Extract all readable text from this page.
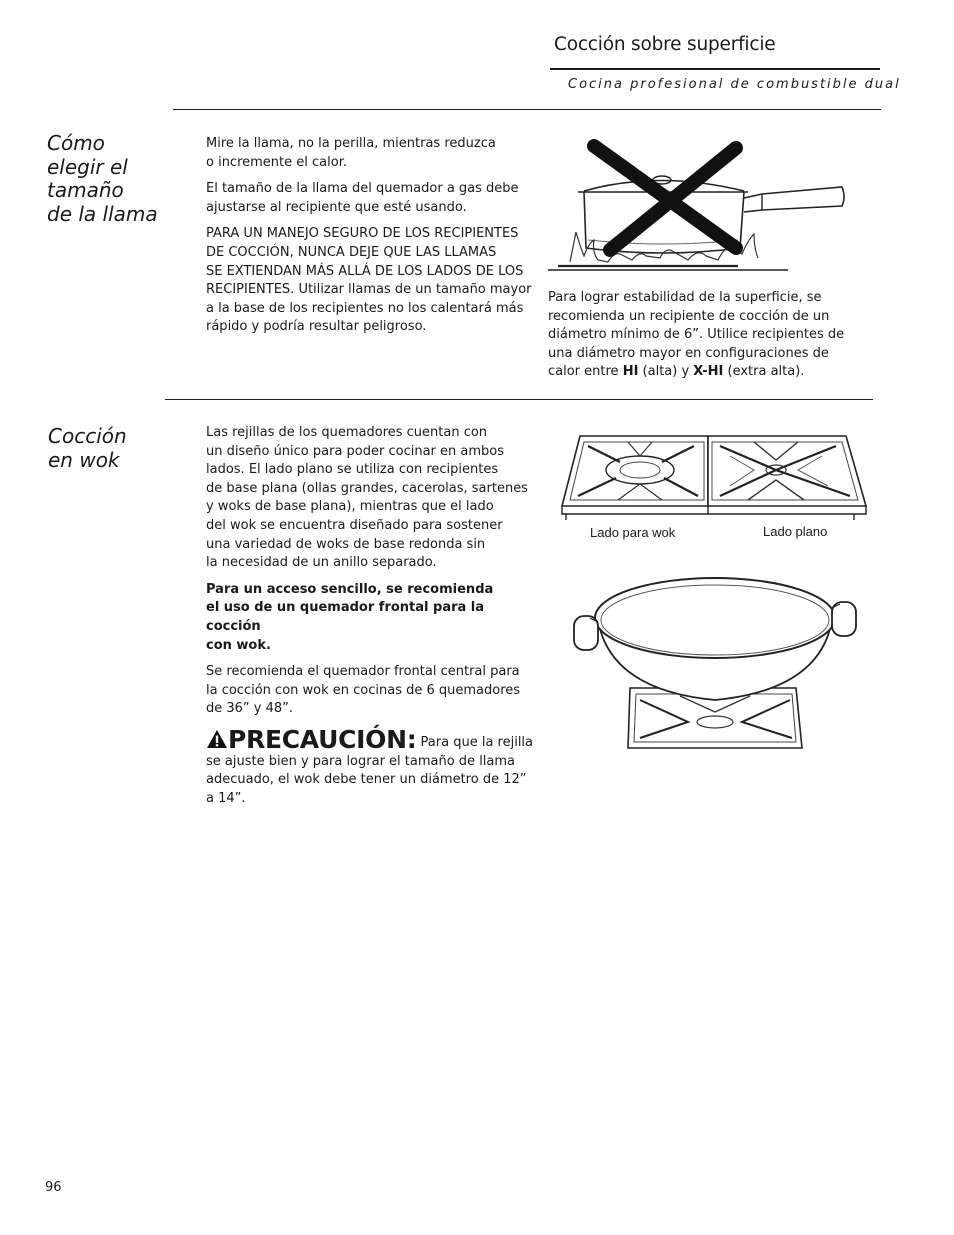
Cocción sobre superficie
Cocina profesional de combustible dual
Cómo
elegir el
tamaño
de la llama

Mire la llama, no la perilla, mientras reduzca
o incremente el calor.

El tamaño de la llama del quemador a gas debe
ajustarse al recipiente que esté usando.

PARA UN MANEJO SEGURO DE LOS RECIPIENTES
DE COCCIÓN, NUNCA DEJE QUE LAS LLAMAS
SE EXTIENDAN MÁS ALLÁ DE LOS LADOS DE LOS
RECIPIENTES. Utilizar llamas de un tamaño mayor
a la base de los recipientes no los calentará más
rápido y podría resultar peligroso.

Para lograr estabilidad de la superficie, se
recomienda un recipiente de cocción de un
diámetro mínimo de 6”. Utilice recipientes de
una diámetro mayor en configuraciones de
calor entre HI (alta) y X-HI (extra alta).
Cocción
en wok

Las rejillas de los quemadores cuentan con
un diseño único para poder cocinar en ambos
lados. El lado plano se utiliza con recipientes
de base plana (ollas grandes, cacerolas, sartenes
y woks de base plana), mientras que el lado
del wok se encuentra diseñado para sostener
una variedad de woks de base redonda sin
la necesidad de un anillo separado.

Para un acceso sencillo, se recomienda
el uso de un quemador frontal para la cocción
con wok.

Se recomienda el quemador frontal central para
la cocción con wok en cocinas de 6 quemadores
de 36” y 48”.

PRECAUCIÓN: Para que la rejilla
se ajuste bien y para lograr el tamaño de llama
adecuado, el wok debe tener un diámetro de 12”
a 14”.

Lado para wok	Lado plano
96
